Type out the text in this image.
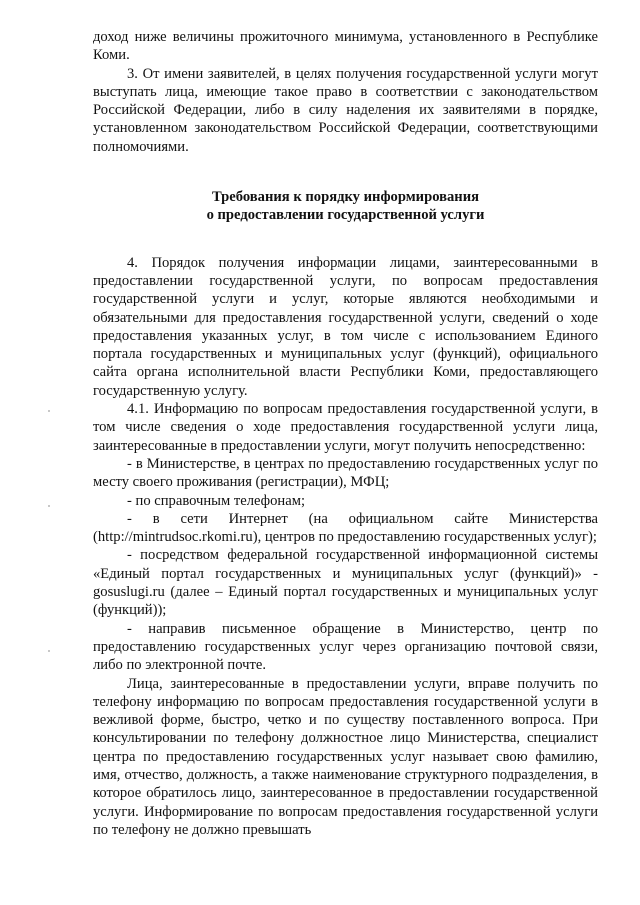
доход ниже величины прожиточного минимума, установленного в Республике Коми.

3. От имени заявителей, в целях получения государственной услуги могут выступать лица, имеющие такое право в соответствии с законодательством Российской Федерации, либо в силу наделения их заявителями в порядке, установленном законодательством Российской Федерации, соответствующими полномочиями.

Требования к порядку информирования
о предоставлении государственной услуги

4. Порядок получения информации лицами, заинтересованными в предоставлении государственной услуги, по вопросам предоставления государственной услуги и услуг, которые являются необходимыми и обязательными для предоставления государственной услуги, сведений о ходе предоставления указанных услуг, в том числе с использованием Единого портала государственных и муниципальных услуг (функций), официального сайта органа исполнительной власти Республики Коми, предоставляющего государственную услугу.

4.1. Информацию по вопросам предоставления государственной услуги, в том числе сведения о ходе предоставления государственной услуги лица, заинтересованные в предоставлении услуги, могут получить непосредственно:

- в Министерстве, в центрах по предоставлению государственных услуг по месту своего проживания (регистрации), МФЦ;

- по справочным телефонам;

- в сети Интернет (на официальном сайте Министерства (http://mintrudsoc.rkomi.ru), центров по предоставлению государственных услуг);

- посредством федеральной государственной информационной системы «Единый портал государственных и муниципальных услуг (функций)» - gosuslugi.ru (далее – Единый портал государственных и муниципальных услуг (функций));

- направив письменное обращение в Министерство, центр по предоставлению государственных услуг через организацию почтовой связи, либо по электронной почте.

Лица, заинтересованные в предоставлении услуги, вправе получить по телефону информацию по вопросам предоставления государственной услуги в вежливой форме, быстро, четко и по существу поставленного вопроса. При консультировании по телефону должностное лицо Министерства, специалист центра по предоставлению государственных услуг называет свою фамилию, имя, отчество, должность, а также наименование структурного подразделения, в которое обратилось лицо, заинтересованное в предоставлении государственной услуги. Информирование по вопросам предоставления государственной услуги по телефону не должно превышать
